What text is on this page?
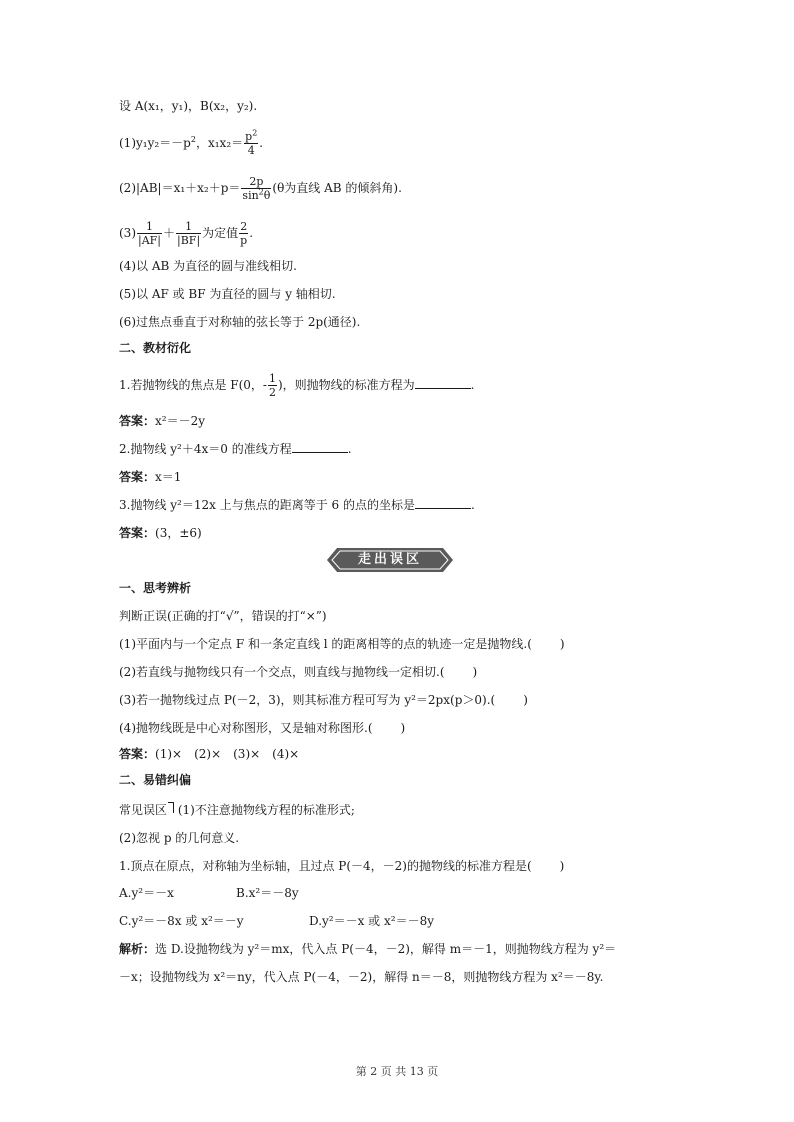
设 A(x₁，y₁)，B(x₂，y₂).
$(1)y_1y_2=-p^2$，$x_1x_2= \frac{p^2}{4}$ .
$(2)|AB|=x_1+x_2+p= \frac{2p}{\sin^2\theta} (\theta$为直线 AB 的倾斜角).
$(3) \frac{1}{|AF|} + \frac{1}{|BF|}$ 为定值 $\frac{2}{p}$ .
(4)以 AB 为直径的圆与准线相切.
(5)以 AF 或 BF 为直径的圆与 y 轴相切.
(6)过焦点垂直于对称轴的弦长等于 2p(通径).
二、教材衍化
1.若抛物线的焦点是 F(0，- $\frac{1}{2}$ )，则抛物线的标准方程为	.
答案：x²＝－2y
2.抛物线 y²＋4x＝0 的准线方程	.
答案：x＝1
3.抛物线 y²＝12x 上与焦点的距离等于 6 的点的坐标是	.
答案：(3，±6)
走出误区
一、思考辨析
判断正误(正确的打“√”，错误的打“×”)
(1)平面内与一个定点 F 和一条定直线 l 的距离相等的点的轨迹一定是抛物线.( )
(2)若直线与抛物线只有一个交点，则直线与抛物线一定相切.( )
(3)若一抛物线过点 P(－2，3)，则其标准方程可写为 y²＝2px(p＞0).( )
(4)抛物线既是中心对称图形，又是轴对称图形.( )
答案：(1)×　(2)×　(3)×　(4)×
二、易错纠偏
常见误区 (1)不注意抛物线方程的标准形式;
(2)忽视 p 的几何意义.
1.顶点在原点，对称轴为坐标轴，且过点 P(－4，－2)的抛物线的标准方程是( )
A.y²＝－x	B.x²＝－8y
C.y²＝－8x 或 x²＝－y	D.y²＝－x 或 x²＝－8y
解析：选 D.设抛物线为 y²＝mx，代入点 P(－4，－2)，解得 m＝－1，则抛物线方程为 y²＝
－x；设抛物线为 x²＝ny，代入点 P(－4，－2)，解得 n＝－8，则抛物线方程为 x²＝－8y.
第 2 页 共 13 页
